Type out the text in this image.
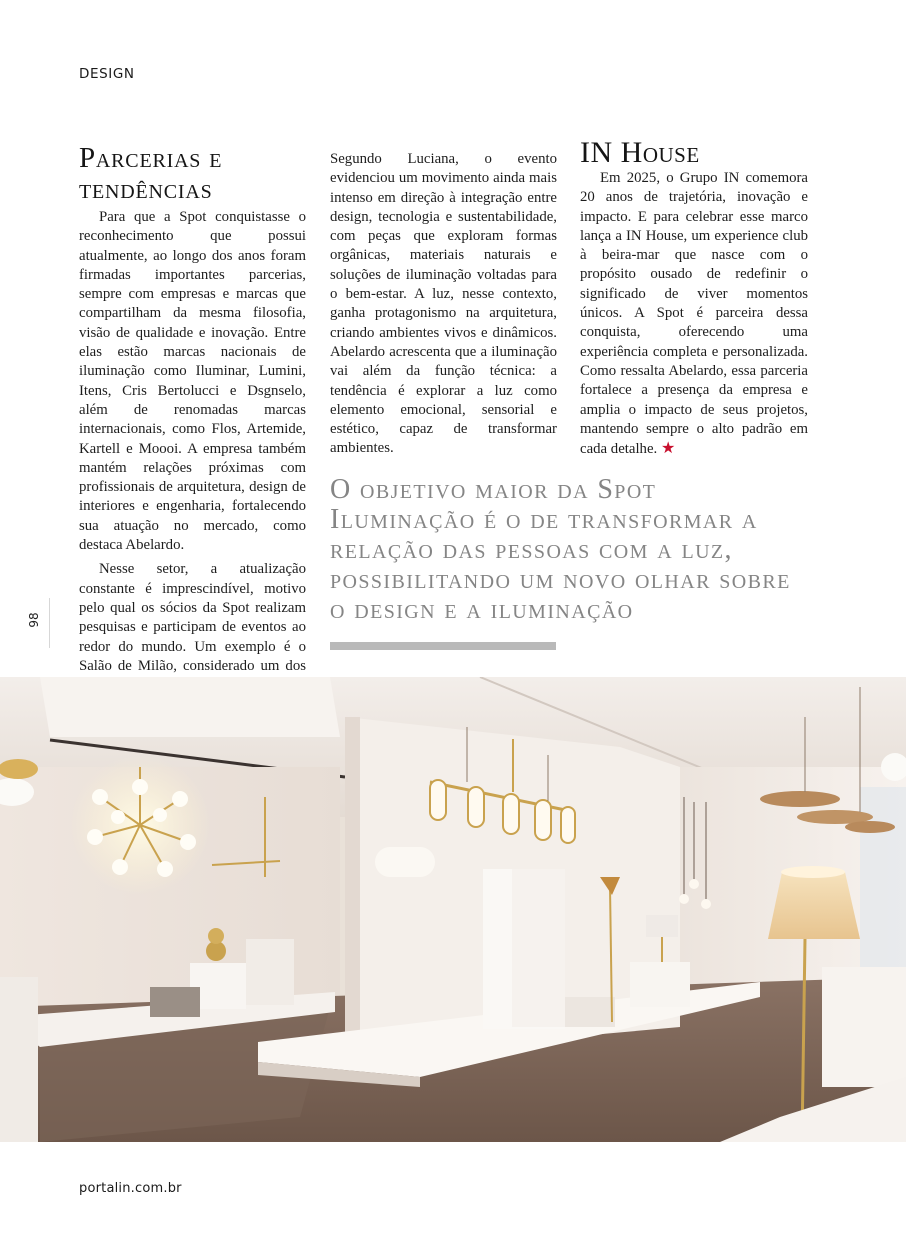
DESIGN
Parcerias e
tendências

Para que a Spot conquistasse o reconhecimento que possui atualmente, ao longo dos anos foram firmadas importantes parcerias, sempre com empresas e marcas que compartilham da mesma filosofia, visão de qualidade e inovação. Entre elas estão marcas nacionais de iluminação como Iluminar, Lumini, Itens, Cris Bertolucci e Dsgnselo, além de renomadas marcas internacionais, como Flos, Artemide, Kartell e Moooi. A empresa também mantém relações próximas com profissionais de arquitetura, design de interiores e engenharia, fortalecendo sua atuação no mercado, como destaca Abelardo.

Nesse setor, a atualização constante é imprescindível, motivo pelo qual os sócios da Spot realizam pesquisas e participam de eventos ao redor do mundo. Um exemplo é o Salão de Milão, considerado um dos

Segundo Luciana, o evento evidenciou um movimento ainda mais intenso em direção à integração entre design, tecnologia e sustentabilidade, com peças que exploram formas orgânicas, materiais naturais e soluções de iluminação voltadas para o bem-estar. A luz, nesse contexto, ganha protagonismo na arquitetura, criando ambientes vivos e dinâmicos. Abelardo acrescenta que a iluminação vai além da função técnica: a tendência é explorar a luz como elemento emocional, sensorial e estético, capaz de transformar ambientes.

IN House

Em 2025, o Grupo IN comemora 20 anos de trajetória, inovação e impacto. E para celebrar esse marco lança a IN House, um experience club à beira-mar que nasce com o propósito ousado de redefinir o significado de viver momentos únicos. A Spot é parceira dessa conquista, oferecendo uma experiência completa e personalizada. Como ressalta Abelardo, essa parceria fortalece a presença da empresa e amplia o impacto de seus projetos, mantendo sempre o alto padrão em cada detalhe. ★

O objetivo maior da Spot Iluminação é o de transformar a relação das pessoas com a luz, possibilitando um novo olhar sobre o design e a iluminação
98
portalin.com.br
